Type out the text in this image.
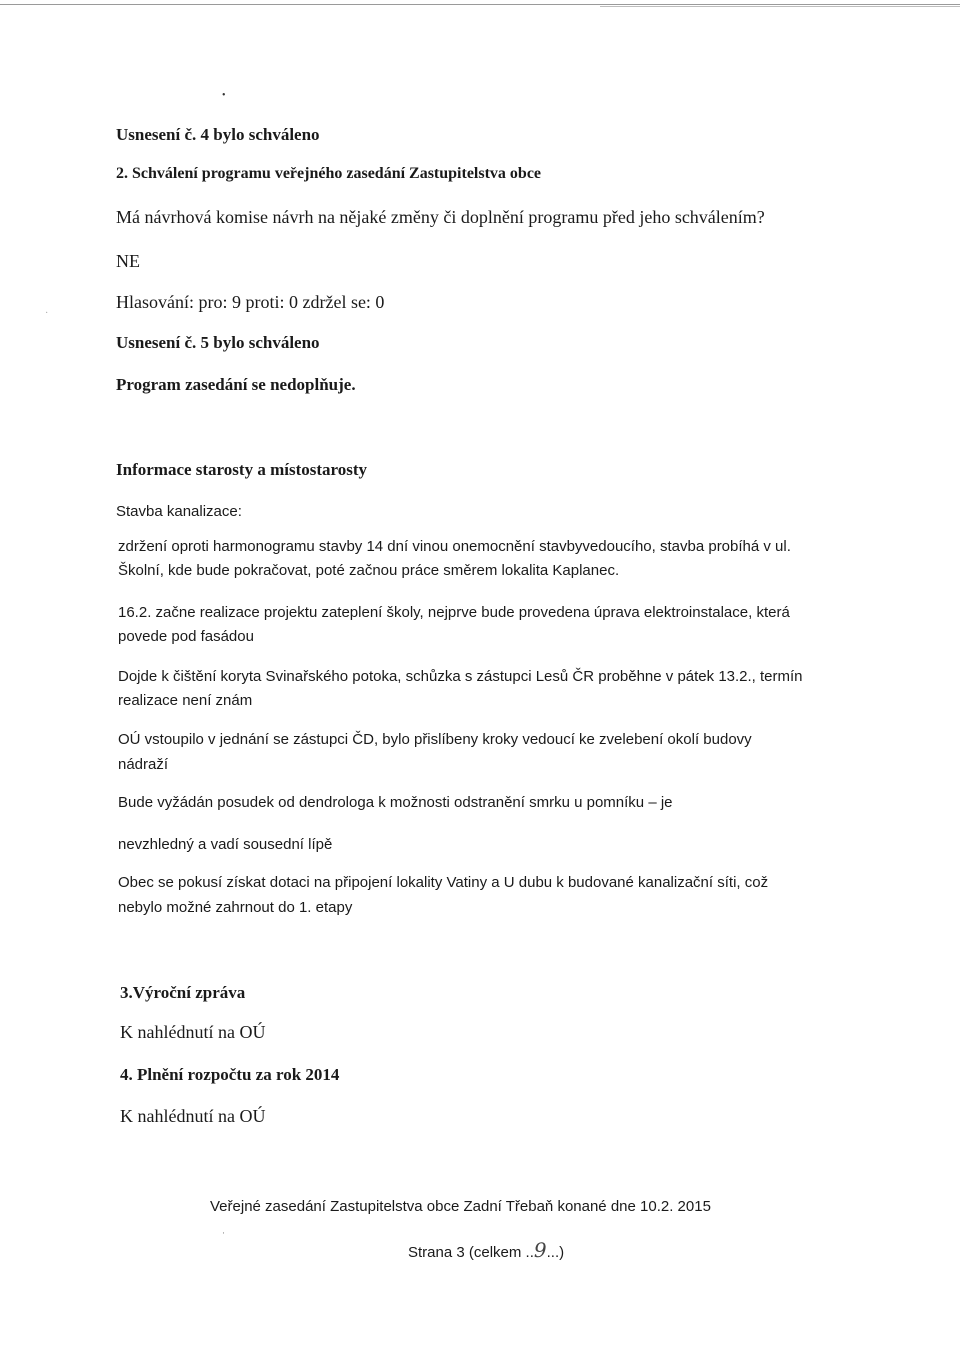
•
·
Usnesení č. 4 bylo schváleno
2. Schválení programu veřejného zasedání Zastupitelstva obce
Má návrhová komise návrh na nějaké změny či doplnění programu před jeho schválením?
NE
Hlasování: pro: 9 proti: 0 zdržel se: 0
Usnesení č. 5 bylo schváleno
Program zasedání se nedoplňuje.
Informace starosty a místostarosty
Stavba kanalizace:
zdržení oproti harmonogramu stavby 14 dní vinou onemocnění stavbyvedoucího, stavba probíhá v ul.
Školní, kde bude pokračovat, poté začnou práce směrem lokalita Kaplanec.
16.2. začne realizace projektu zateplení školy, nejprve bude provedena úprava elektroinstalace, která
povede pod fasádou
Dojde k čištění koryta Svinařského potoka, schůzka s zástupci Lesů ČR proběhne v pátek 13.2., termín
realizace není znám
OÚ vstoupilo v jednání se zástupci ČD, bylo přislíbeny kroky vedoucí ke zvelebení okolí budovy
nádraží
Bude vyžádán posudek od dendrologa k možnosti odstranění smrku u pomníku – je
nevzhledný a vadí sousední lípě
Obec se pokusí získat dotaci na připojení lokality Vatiny a U dubu k budované kanalizační síti, což
nebylo možné zahrnout do 1. etapy
3.Výroční zpráva
K nahlédnutí na OÚ
4. Plnění rozpočtu za rok 2014
K nahlédnutí na OÚ
Veřejné zasedání Zastupitelstva obce Zadní Třebaň konané dne 10.2. 2015
·
Strana 3 (celkem ..9...)
